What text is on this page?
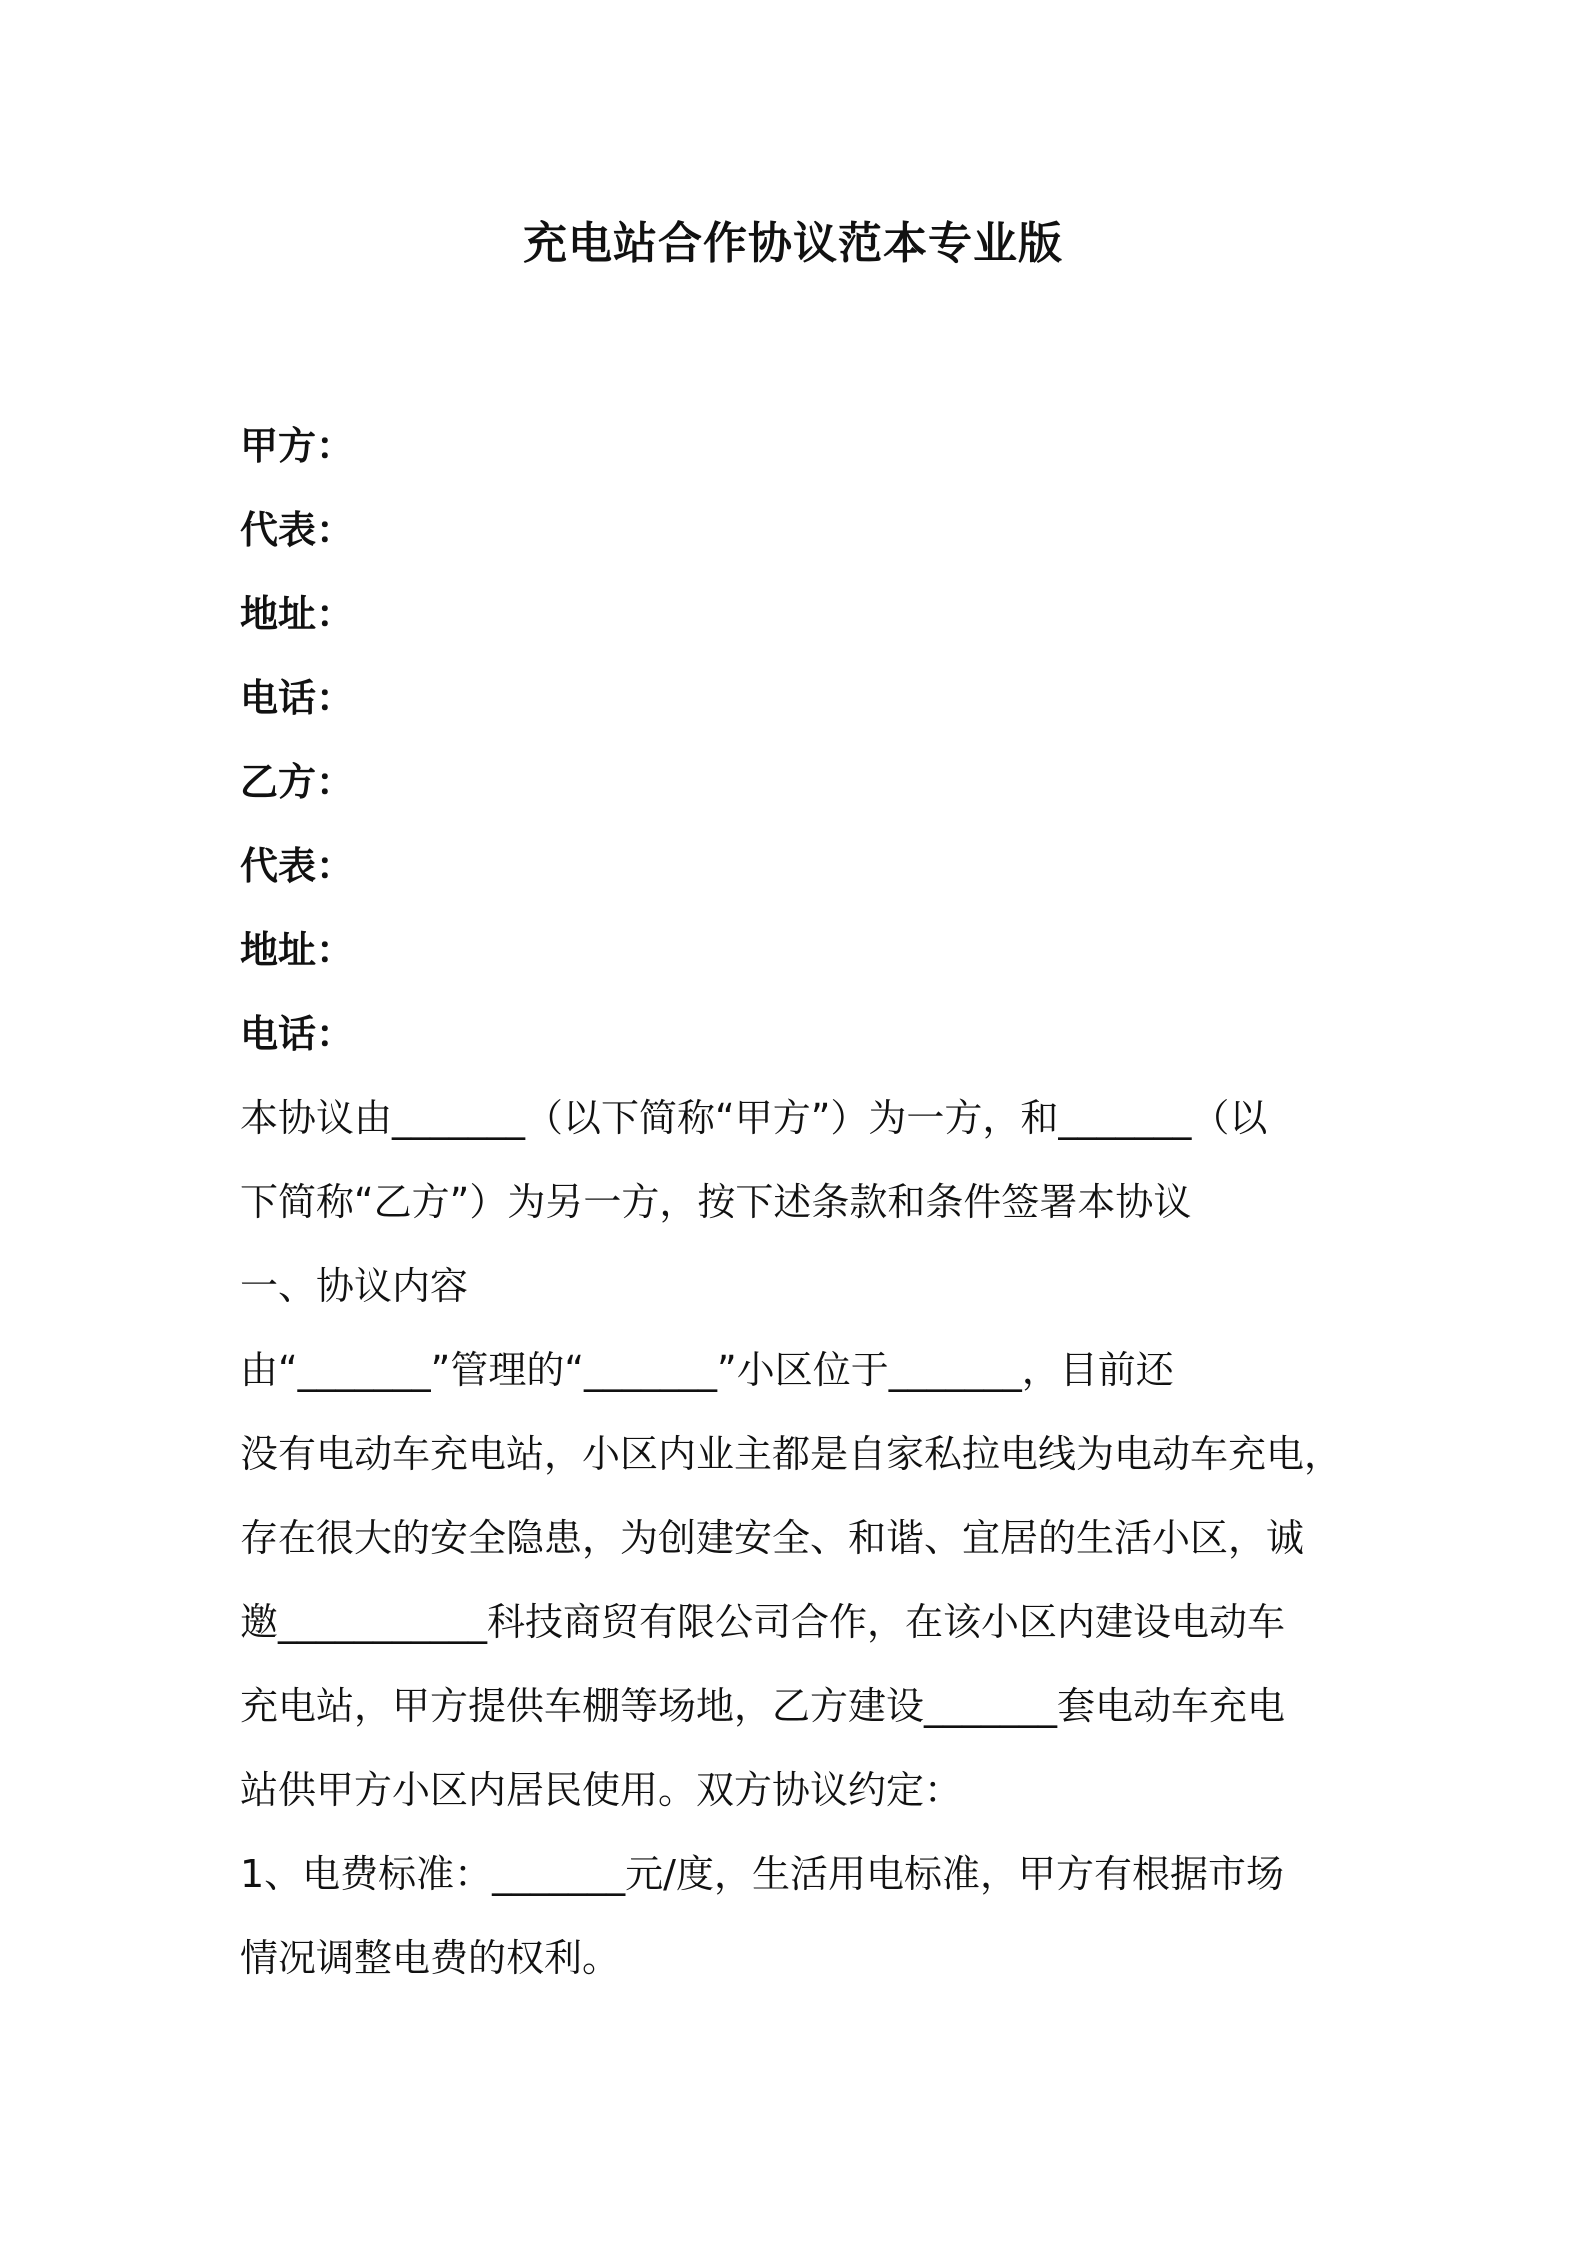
充电站合作协议范本专业版
甲方：
代表：
地址：
电话：
乙方：
代表：
地址：
电话：
本协议由_______（以下简称“甲方”）为一方，和_______（以
下简称“乙方”）为另一方，按下述条款和条件签署本协议
一、协议内容
由“_______”管理的“_______”小区位于_______，目前还
没有电动车充电站，小区内业主都是自家私拉电线为电动车充电，
存在很大的安全隐患，为创建安全、和谐、宜居的生活小区，诚
邀___________科技商贸有限公司合作，在该小区内建设电动车
充电站，甲方提供车棚等场地，乙方建设_______套电动车充电
站供甲方小区内居民使用。双方协议约定：
1、电费标准：_______元/度，生活用电标准，甲方有根据市场
情况调整电费的权利。
